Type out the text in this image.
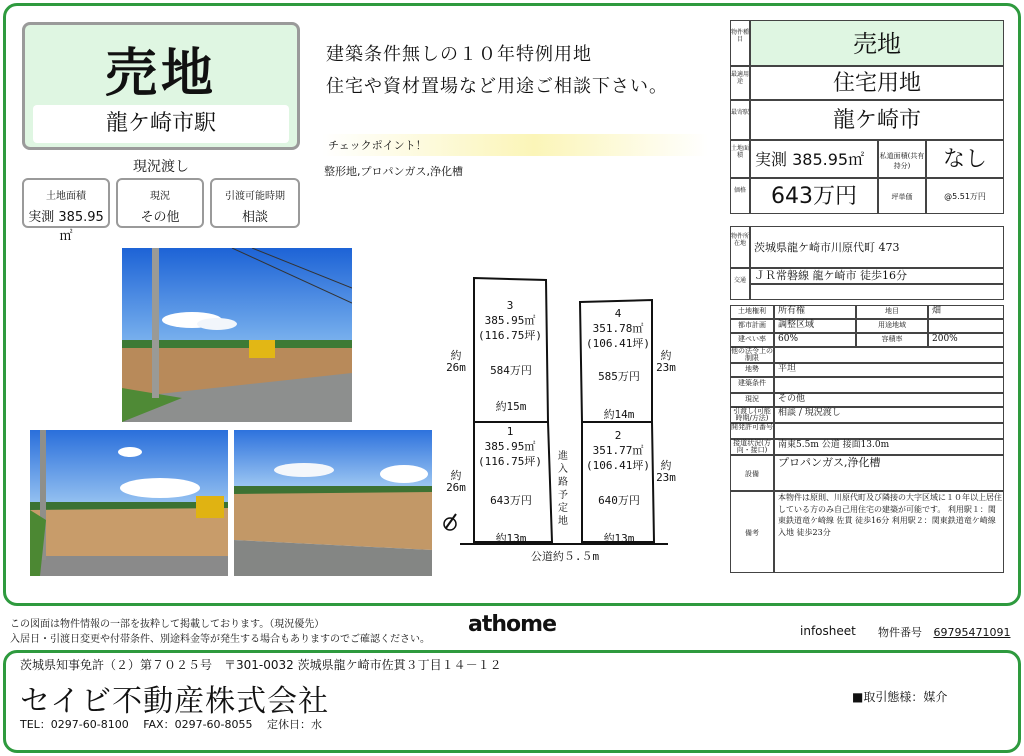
売地
龍ケ崎市駅
現況渡し
土地面積
実測 385.95㎡
現況
その他
引渡可能時期
相談
建築条件無しの１０年特例用地
住宅や資材置場など用途ご相談下さい。
チェックポイント！
整形地,プロパンガス,浄化槽
3
385.95㎡
(116.75坪)
584万円
約15m
約26m
4
351.78㎡
(106.41坪)
585万円
約14m
約23m
1
385.95㎡
(116.75坪)
643万円
約13m
約26m
2
351.77㎡
(106.41坪)
640万円
約13m
約23m
進入路予定地
公道約５.５m
物件種目	売地
最適用途	住宅用地
最寄駅	龍ケ崎市
土地面積 実測 385.95㎡	私道面積(共有持分)	なし
価格	643万円	坪単価	@5.51万円
物件所在地 茨城県龍ケ崎市川原代町 473
交通 ＪＲ常磐線 龍ケ崎市 徒歩16分
土地権利	所有権	地目	畑
都市計画	調整区域	用途地域
建ぺい率	60%	容積率	200%
他の法令上の制限
地勢	平坦
建築条件
現況	その他
引渡し(可能時期/方法)	相談 / 現況渡し
開発許可番号
接道状況(方向・接口)	南東5.5m 公道 接面13.0m
設備
プロパンガス,浄化槽
備考
本物件は原則、川原代町及び隣接の大字区域に１０年以上居住している方のみ自己用住宅の建築が可能です。 利用駅１：関東鉄道竜ケ崎線 佐貫 徒歩16分 利用駅２：関東鉄道竜ケ崎線 入地 徒歩23分
この図面は物件情報の一部を抜粋して掲載しております。（現況優先）
入居日・引渡日変更や付帯条件、別途料金等が発生する場合もありますのでご確認ください。
athome	infosheet 物件番号 69795471091
茨城県知事免許（２）第７０２５号　〒301-0032 茨城県龍ケ崎市佐貫３丁目１４－１２
セイビ不動産株式会社
TEL：0297-60-8100　 FAX：0297-60-8055 　定休日：水
■取引態様：媒介
